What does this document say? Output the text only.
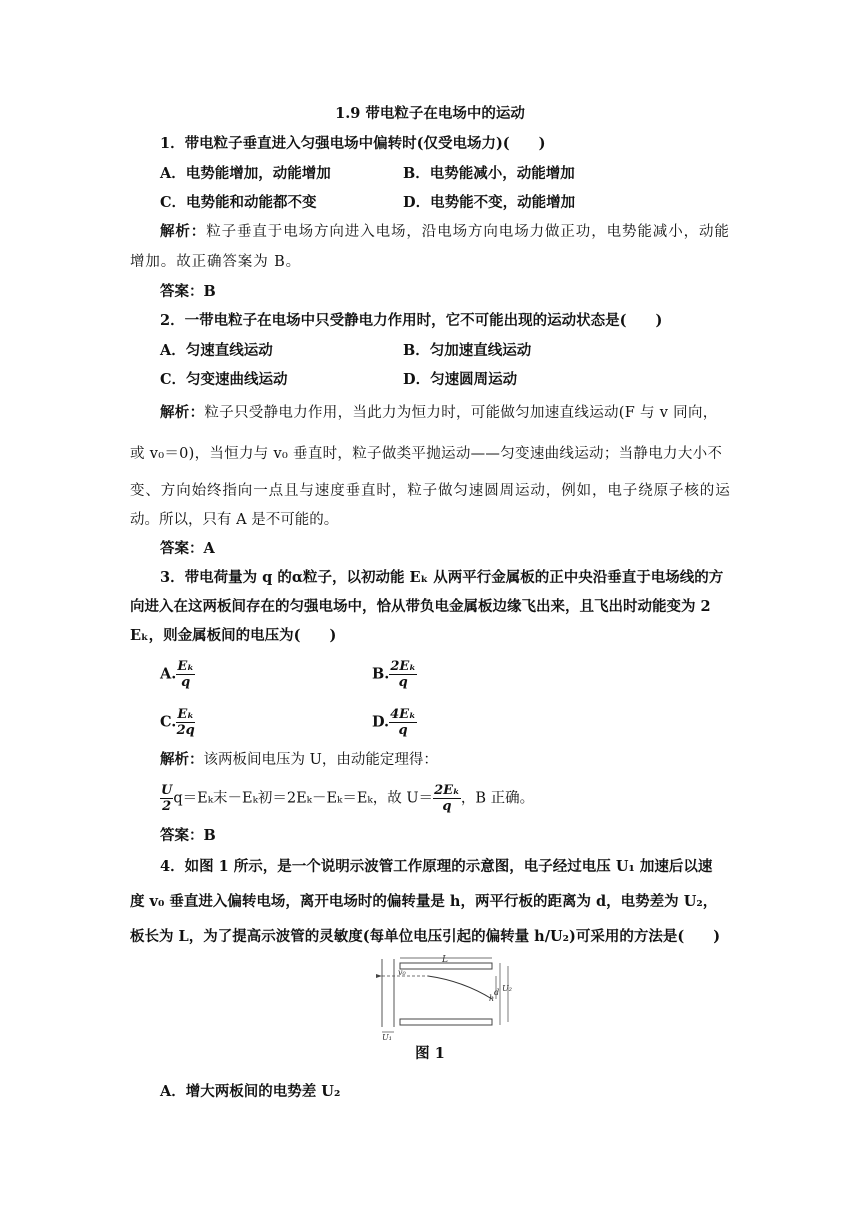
1.9 带电粒子在电场中的运动
1．带电粒子垂直进入匀强电场中偏转时(仅受电场力)(　　)
A．电势能增加，动能增加	B．电势能减小，动能增加
C．电势能和动能都不变	D．电势能不变，动能增加
解析：粒子垂直于电场方向进入电场，沿电场方向电场力做正功，电势能减小，动能
增加。故正确答案为 B。
答案：B
2．一带电粒子在电场中只受静电力作用时，它不可能出现的运动状态是(　　)
A．匀速直线运动	B．匀加速直线运动
C．匀变速曲线运动	D．匀速圆周运动
解析：粒子只受静电力作用，当此力为恒力时，可能做匀加速直线运动(F 与 v 同向，
或 v₀＝0)，当恒力与 v₀ 垂直时，粒子做类平抛运动——匀变速曲线运动；当静电力大小不
变、方向始终指向一点且与速度垂直时，粒子做匀速圆周运动，例如，电子绕原子核的运
动。所以，只有 A 是不可能的。
答案：A
3．带电荷量为 q 的α粒子，以初动能 Eₖ 从两平行金属板的正中央沿垂直于电场线的方
向进入在这两板间存在的匀强电场中，恰从带负电金属板边缘飞出来，且飞出时动能变为 2
Eₖ，则金属板间的电压为(　　)
A. $\frac{\text{Eₖ}}{q}$	B. $\frac{\text{2Eₖ}}{q}$
C. $\frac{\text{Eₖ}}{2q}$	D. $\frac{\text{4Eₖ}}{q}$
解析：该两板间电压为 U，由动能定理得：
$\frac{U}{2} q=E_k$末－Eₖ初＝2Eₖ－Eₖ＝Eₖ，故 $U= \frac{\text{2Eₖ}}{q}$ ，B 正确。
答案：B
4．如图 1 所示，是一个说明示波管工作原理的示意图，电子经过电压 U₁ 加速后以速
度 v₀ 垂直进入偏转电场，离开电场时的偏转量是 h，两平行板的距离为 d，电势差为 U₂，
板长为 L，为了提高示波管的灵敏度(每单位电压引起的偏转量 h/U₂)可采用的方法是(　　)
L
v₀
h
d U₂
U₁
图 1
A．增大两板间的电势差 U₂
